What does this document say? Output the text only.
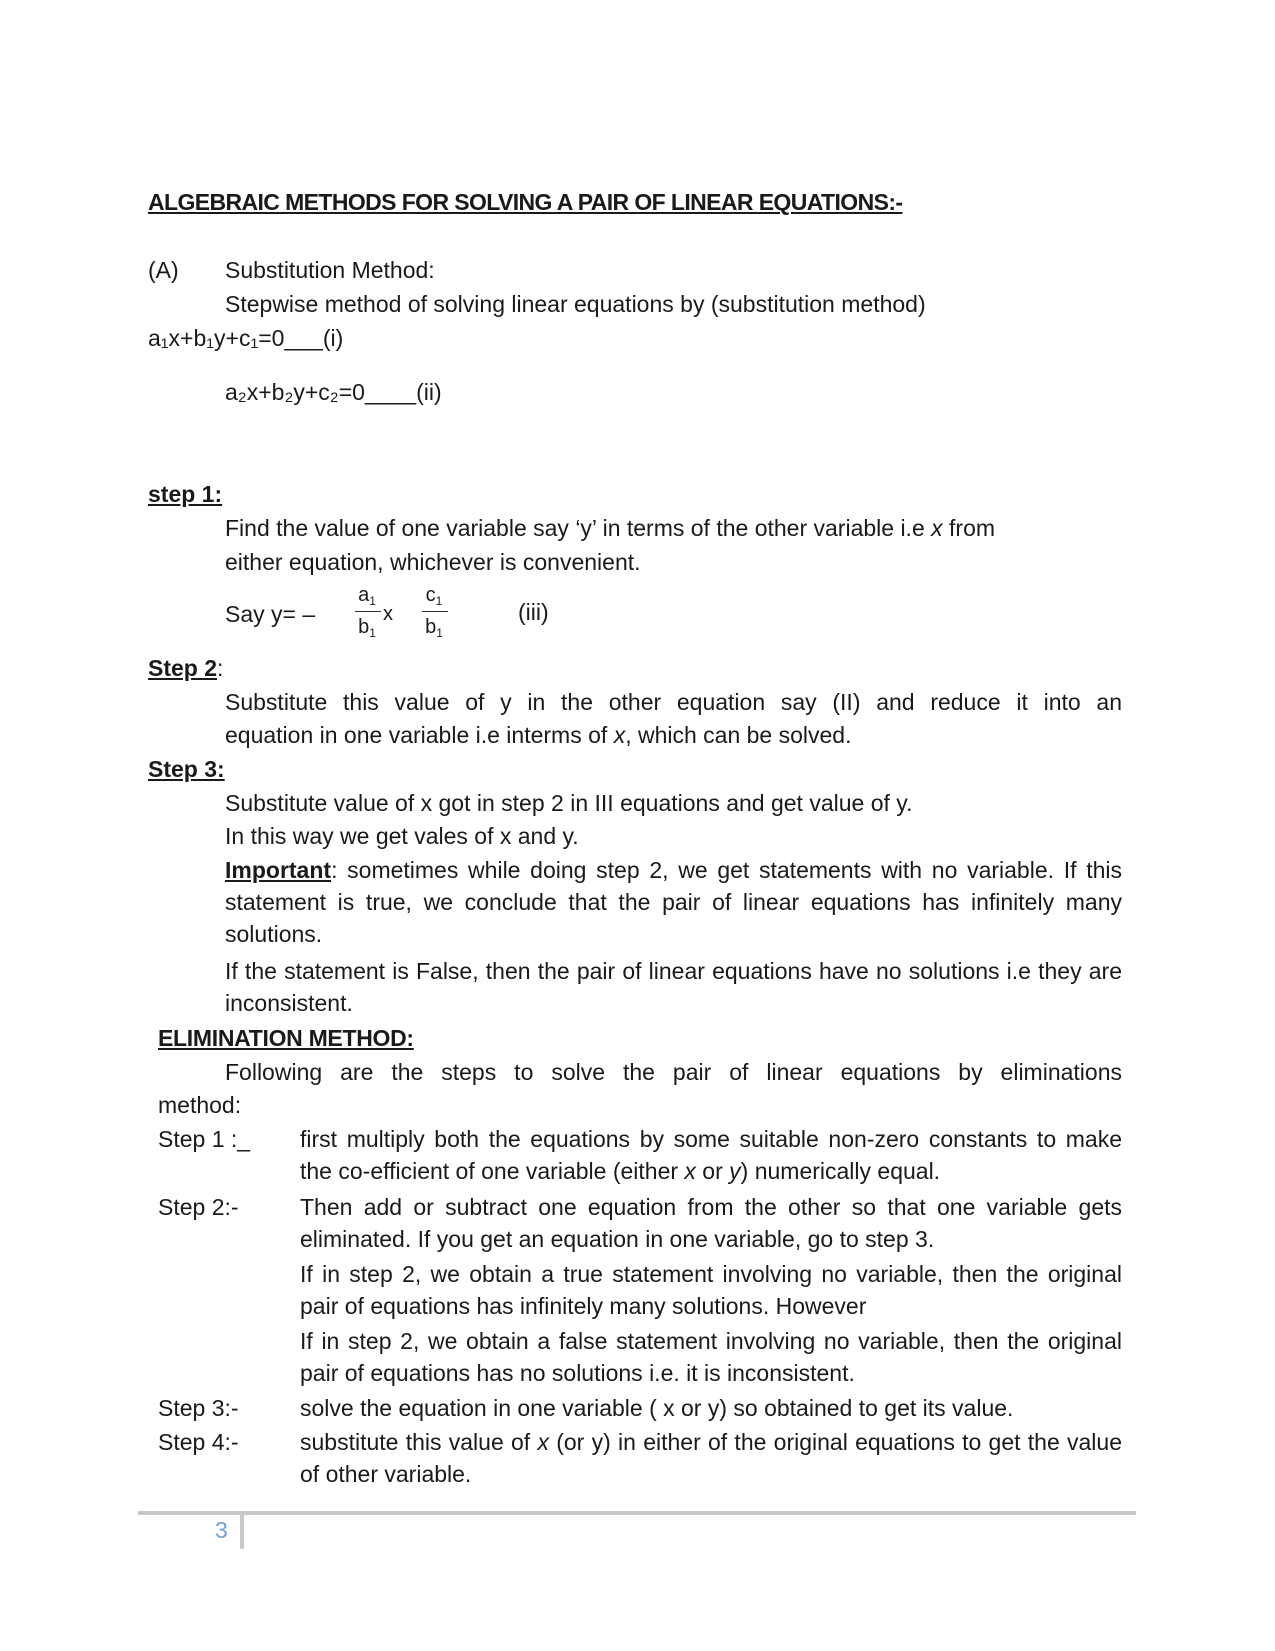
ALGEBRAIC METHODS FOR SOLVING A PAIR OF LINEAR EQUATIONS:-
(A) Substitution Method:
Stepwise method of solving linear equations by (substitution method)
a₁x+b₁y+c₁=0___(i)
a₂x+b₂y+c₂=0____(ii)
step 1:
Find the value of one variable say ‘y’ in terms of the other variable i.e x from
either equation, whichever is convenient.
Say y= –
$a_1$
$b_1$
x
$c_1$
$b_1$
(iii)
Step 2:
Substitute this value of y in the other equation say (II) and reduce it into an
equation in one variable i.e interms of x, which can be solved.
Step 3:
Substitute value of x got in step 2 in III equations and get value of y.
In this way we get vales of x and y.
Important: sometimes while doing step 2, we get statements with no variable. If this statement is true, we conclude that the pair of linear equations has infinitely many solutions.
If the statement is False, then the pair of linear equations have no solutions i.e they are inconsistent.
ELIMINATION METHOD:
Following are the steps to solve the pair of linear equations by eliminations
method:
Step 1 :_ first multiply both the equations by some suitable non-zero constants to make the co-efficient of one variable (either x or y) numerically equal.
Step 2:-	Then add or subtract one equation from the other so that one variable gets eliminated. If you get an equation in one variable, go to step 3.
If in step 2, we obtain a true statement involving no variable, then the original pair of equations has infinitely many solutions. However
If in step 2, we obtain a false statement involving no variable, then the original pair of equations has no solutions i.e. it is inconsistent.
Step 3:-	solve the equation in one variable ( x or y) so obtained to get its value.
Step 4:-	substitute this value of x (or y) in either of the original equations to get the value of other variable.
3
